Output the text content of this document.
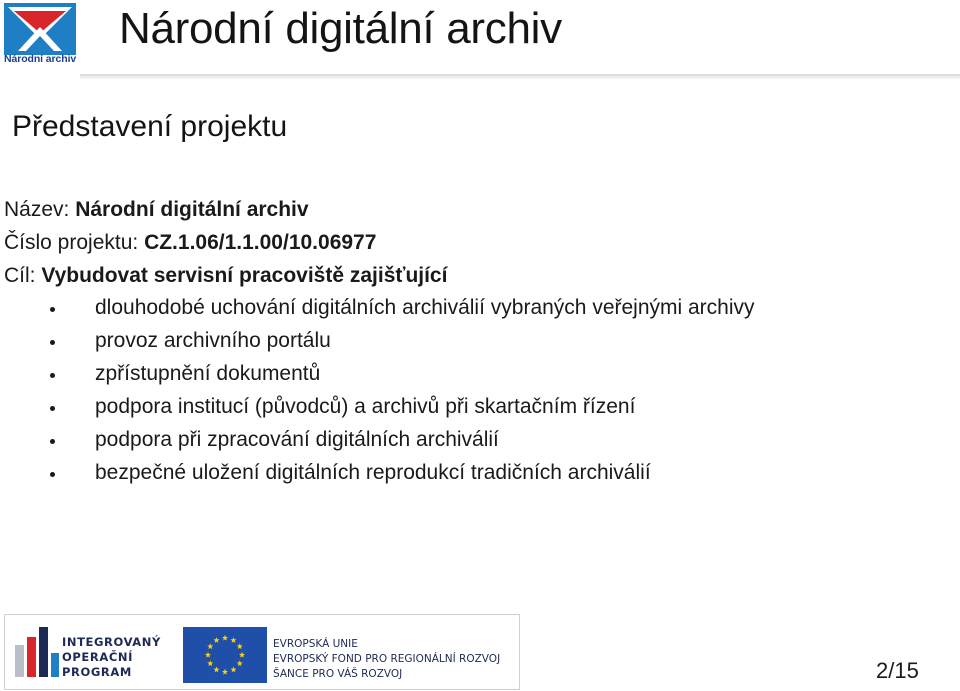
Národní archiv
Národní digitální archiv
Představení projektu
Název: Národní digitální archiv
Číslo projektu: CZ.1.06/1.1.00/10.06977
Cíl: Vybudovat servisní pracoviště zajišťující
dlouhodobé uchování digitálních archiválií vybraných veřejnými archivy
provoz archivního portálu
zpřístupnění dokumentů
podpora institucí (původců) a archivů při skartačním řízení
podpora při zpracování digitálních archiválií
bezpečné uložení digitálních reprodukcí tradičních archiválií
INTEGROVANÝ
OPERAČNÍ
PROGRAM
EVROPSKÁ UNIE
EVROPSKÝ FOND PRO REGIONÁLNÍ ROZVOJ
ŠANCE PRO VÁŠ ROZVOJ	2/15
